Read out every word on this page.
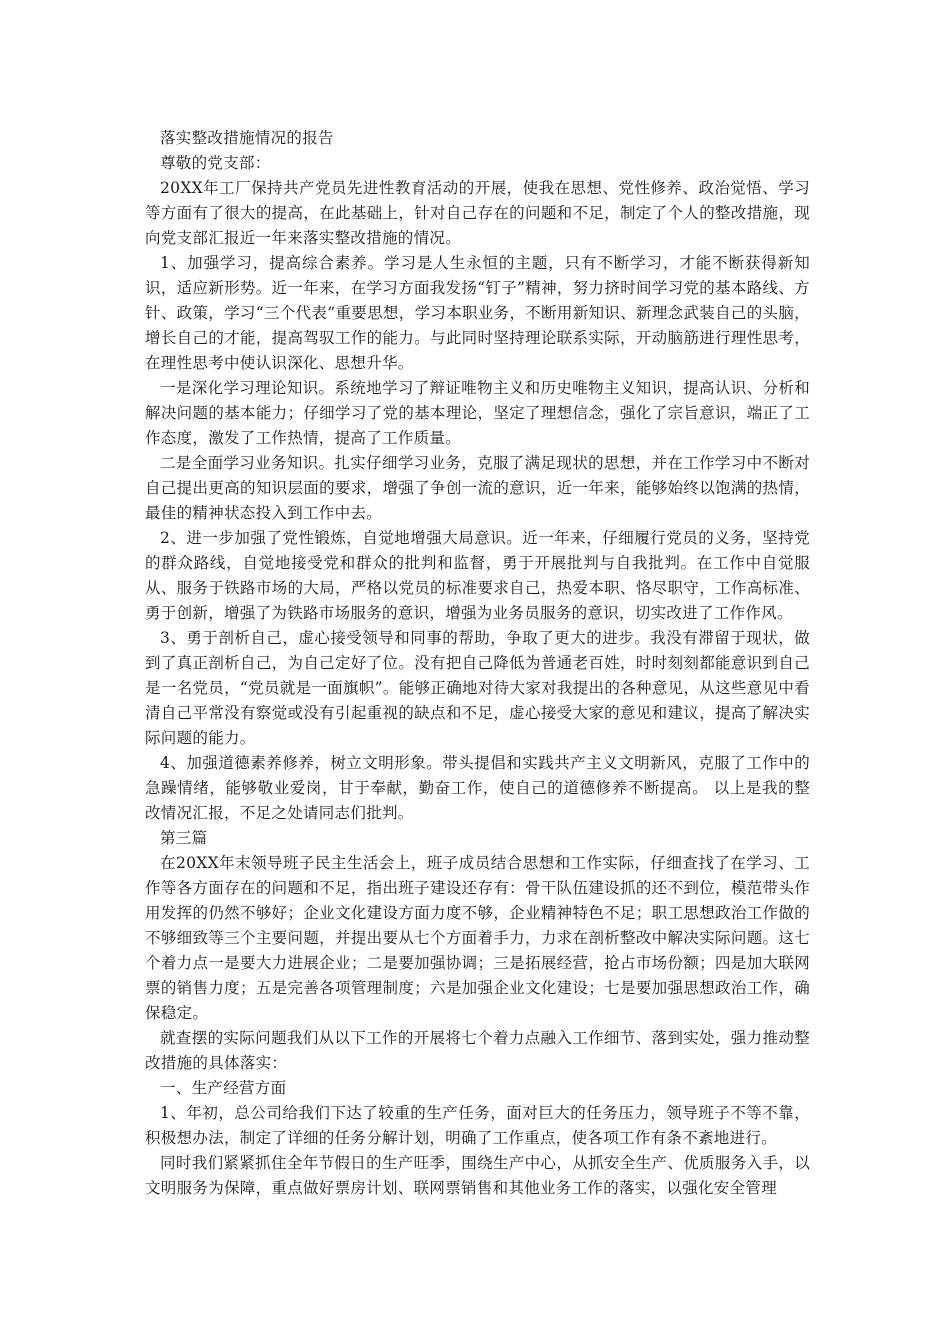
落实整改措施情况的报告

尊敬的党支部：

20XX年工厂保持共产党员先进性教育活动的开展，使我在思想、党性修养、政治觉悟、学习等方面有了很大的提高，在此基础上，针对自己存在的问题和不足，制定了个人的整改措施，现向党支部汇报近一年来落实整改措施的情况。

1、加强学习，提高综合素养。学习是人生永恒的主题，只有不断学习，才能不断获得新知识，适应新形势。近一年来，在学习方面我发扬“钉子”精神，努力挤时间学习党的基本路线、方针、政策，学习“三个代表”重要思想，学习本职业务，不断用新知识、新理念武装自己的头脑，增长自己的才能，提高驾驭工作的能力。与此同时坚持理论联系实际，开动脑筋进行理性思考，在理性思考中使认识深化、思想升华。

一是深化学习理论知识。系统地学习了辩证唯物主义和历史唯物主义知识，提高认识、分析和解决问题的基本能力；仔细学习了党的基本理论，坚定了理想信念，强化了宗旨意识，端正了工作态度，激发了工作热情，提高了工作质量。

二是全面学习业务知识。扎实仔细学习业务，克服了满足现状的思想，并在工作学习中不断对自己提出更高的知识层面的要求，增强了争创一流的意识，近一年来，能够始终以饱满的热情，最佳的精神状态投入到工作中去。

2、进一步加强了党性锻炼，自觉地增强大局意识。近一年来，仔细履行党员的义务，坚持党的群众路线，自觉地接受党和群众的批判和监督，勇于开展批判与自我批判。在工作中自觉服从、服务于铁路市场的大局，严格以党员的标准要求自己，热爱本职、恪尽职守，工作高标准、勇于创新，增强了为铁路市场服务的意识，增强为业务员服务的意识，切实改进了工作作风。

3、勇于剖析自己，虚心接受领导和同事的帮助，争取了更大的进步。我没有滞留于现状，做到了真正剖析自己，为自己定好了位。没有把自己降低为普通老百姓，时时刻刻都能意识到自己是一名党员，“党员就是一面旗帜”。能够正确地对待大家对我提出的各种意见，从这些意见中看清自己平常没有察觉或没有引起重视的缺点和不足，虚心接受大家的意见和建议，提高了解决实际问题的能力。

4、加强道德素养修养，树立文明形象。带头提倡和实践共产主义文明新风，克服了工作中的急躁情绪，能够敬业爱岗，甘于奉献，勤奋工作，使自己的道德修养不断提高。 以上是我的整改情况汇报，不足之处请同志们批判。

第三篇

在20XX年末领导班子民主生活会上，班子成员结合思想和工作实际，仔细查找了在学习、工作等各方面存在的问题和不足，指出班子建设还存有：骨干队伍建设抓的还不到位，模范带头作用发挥的仍然不够好；企业文化建设方面力度不够，企业精神特色不足；职工思想政治工作做的不够细致等三个主要问题，并提出要从七个方面着手力，力求在剖析整改中解决实际问题。这七个着力点一是要大力进展企业；二是要加强协调；三是拓展经营，抢占市场份额；四是加大联网票的销售力度；五是完善各项管理制度；六是加强企业文化建设；七是要加强思想政治工作，确保稳定。

就查摆的实际问题我们从以下工作的开展将七个着力点融入工作细节、落到实处，强力推动整改措施的具体落实：

一、生产经营方面

1、年初，总公司给我们下达了较重的生产任务，面对巨大的任务压力，领导班子不等不靠，积极想办法，制定了详细的任务分解计划，明确了工作重点，使各项工作有条不紊地进行。

同时我们紧紧抓住全年节假日的生产旺季，围绕生产中心，从抓安全生产、优质服务入手，以文明服务为保障，重点做好票房计划、联网票销售和其他业务工作的落实，以强化安全管理
